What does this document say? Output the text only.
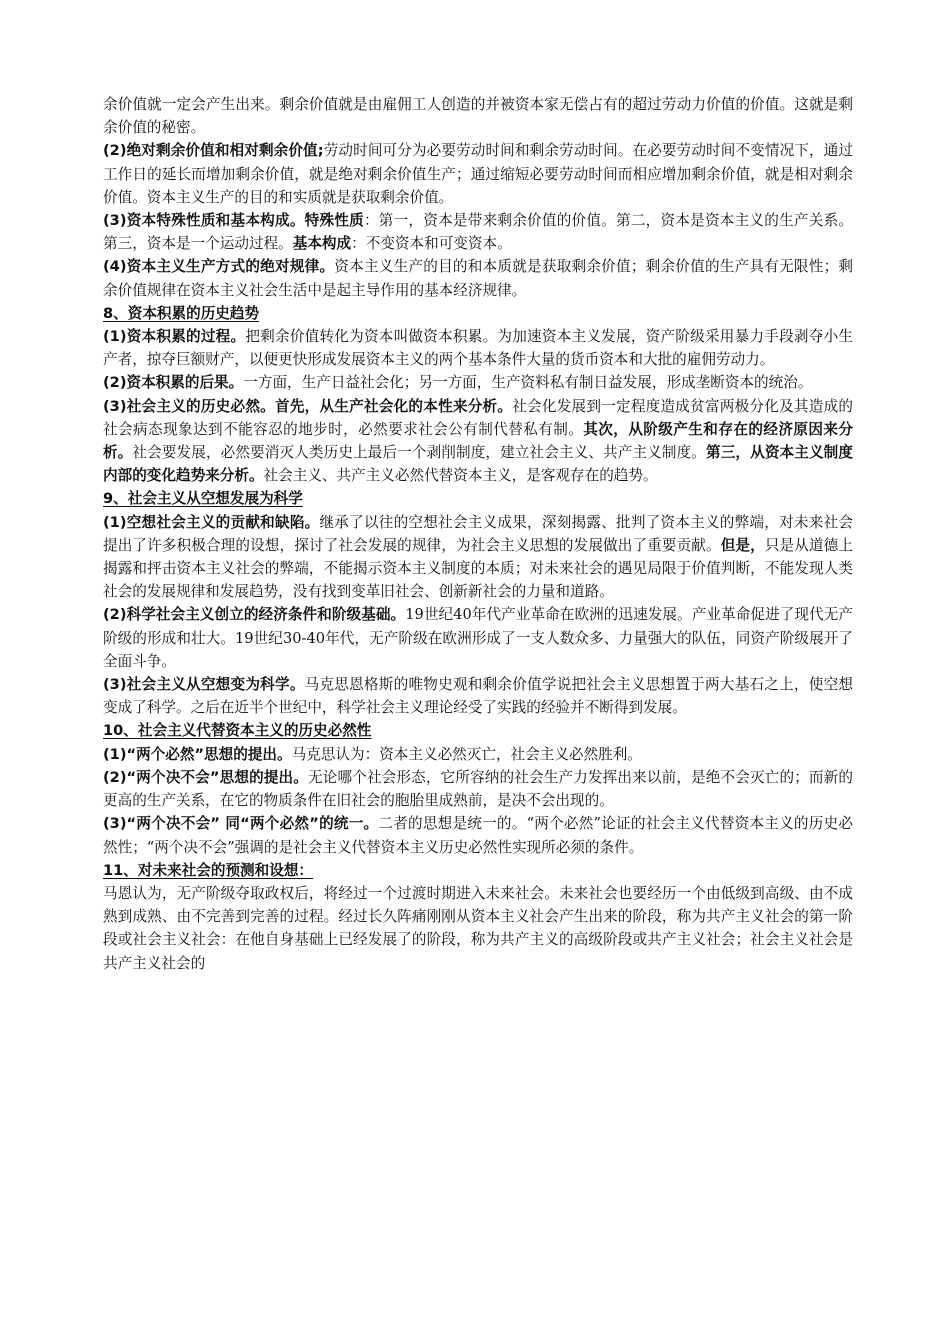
余价值就一定会产生出来。剩余价值就是由雇佣工人创造的并被资本家无偿占有的超过劳动力价值的价值。这就是剩余价值的秘密。

(2)绝对剩余价值和相对剩余价值;劳动时间可分为必要劳动时间和剩余劳动时间。在必要劳动时间不变情况下，通过工作日的延长而增加剩余价值，就是绝对剩余价值生产；通过缩短必要劳动时间而相应增加剩余价值，就是相对剩余价值。资本主义生产的目的和实质就是获取剩余价值。

(3)资本特殊性质和基本构成。特殊性质：第一，资本是带来剩余价值的价值。第二，资本是资本主义的生产关系。第三，资本是一个运动过程。基本构成：不变资本和可变资本。

(4)资本主义生产方式的绝对规律。资本主义生产的目的和本质就是获取剩余价值；剩余价值的生产具有无限性；剩余价值规律在资本主义社会生活中是起主导作用的基本经济规律。

8、资本积累的历史趋势

(1)资本积累的过程。把剩余价值转化为资本叫做资本积累。为加速资本主义发展，资产阶级采用暴力手段剥夺小生产者，掠夺巨额财产，以便更快形成发展资本主义的两个基本条件大量的货币资本和大批的雇佣劳动力。

(2)资本积累的后果。一方面，生产日益社会化；另一方面，生产资料私有制日益发展，形成垄断资本的统治。

(3)社会主义的历史必然。首先，从生产社会化的本性来分析。社会化发展到一定程度造成贫富两极分化及其造成的社会病态现象达到不能容忍的地步时，必然要求社会公有制代替私有制。其次，从阶级产生和存在的经济原因来分析。社会要发展，必然要消灭人类历史上最后一个剥削制度，建立社会主义、共产主义制度。第三，从资本主义制度内部的变化趋势来分析。社会主义、共产主义必然代替资本主义，是客观存在的趋势。

9、社会主义从空想发展为科学

(1)空想社会主义的贡献和缺陷。继承了以往的空想社会主义成果，深刻揭露、批判了资本主义的弊端，对未来社会提出了许多积极合理的设想，探讨了社会发展的规律，为社会主义思想的发展做出了重要贡献。但是，只是从道德上揭露和抨击资本主义社会的弊端，不能揭示资本主义制度的本质；对未来社会的遇见局限于价值判断，不能发现人类社会的发展规律和发展趋势，没有找到变革旧社会、创新新社会的力量和道路。

(2)科学社会主义创立的经济条件和阶级基础。19世纪40年代产业革命在欧洲的迅速发展。产业革命促进了现代无产阶级的形成和壮大。19世纪30-40年代，无产阶级在欧洲形成了一支人数众多、力量强大的队伍，同资产阶级展开了全面斗争。

(3)社会主义从空想变为科学。马克思恩格斯的唯物史观和剩余价值学说把社会主义思想置于两大基石之上，使空想变成了科学。之后在近半个世纪中，科学社会主义理论经受了实践的经验并不断得到发展。

10、社会主义代替资本主义的历史必然性

(1)“两个必然”思想的提出。马克思认为：资本主义必然灭亡，社会主义必然胜利。

(2)“两个决不会”思想的提出。无论哪个社会形态，它所容纳的社会生产力发挥出来以前，是绝不会灭亡的；而新的更高的生产关系，在它的物质条件在旧社会的胞胎里成熟前，是决不会出现的。

(3)“两个决不会” 同“两个必然”的统一。二者的思想是统一的。“两个必然”论证的社会主义代替资本主义的历史必然性；“两个决不会”强调的是社会主义代替资本主义历史必然性实现所必须的条件。

11、对未来社会的预测和设想：

马恩认为，无产阶级夺取政权后，将经过一个过渡时期进入未来社会。未来社会也要经历一个由低级到高级、由不成熟到成熟、由不完善到完善的过程。经过长久阵痛刚刚从资本主义社会产生出来的阶段，称为共产主义社会的第一阶段或社会主义社会：在他自身基础上已经发展了的阶段，称为共产主义的高级阶段或共产主义社会；社会主义社会是共产主义社会的
